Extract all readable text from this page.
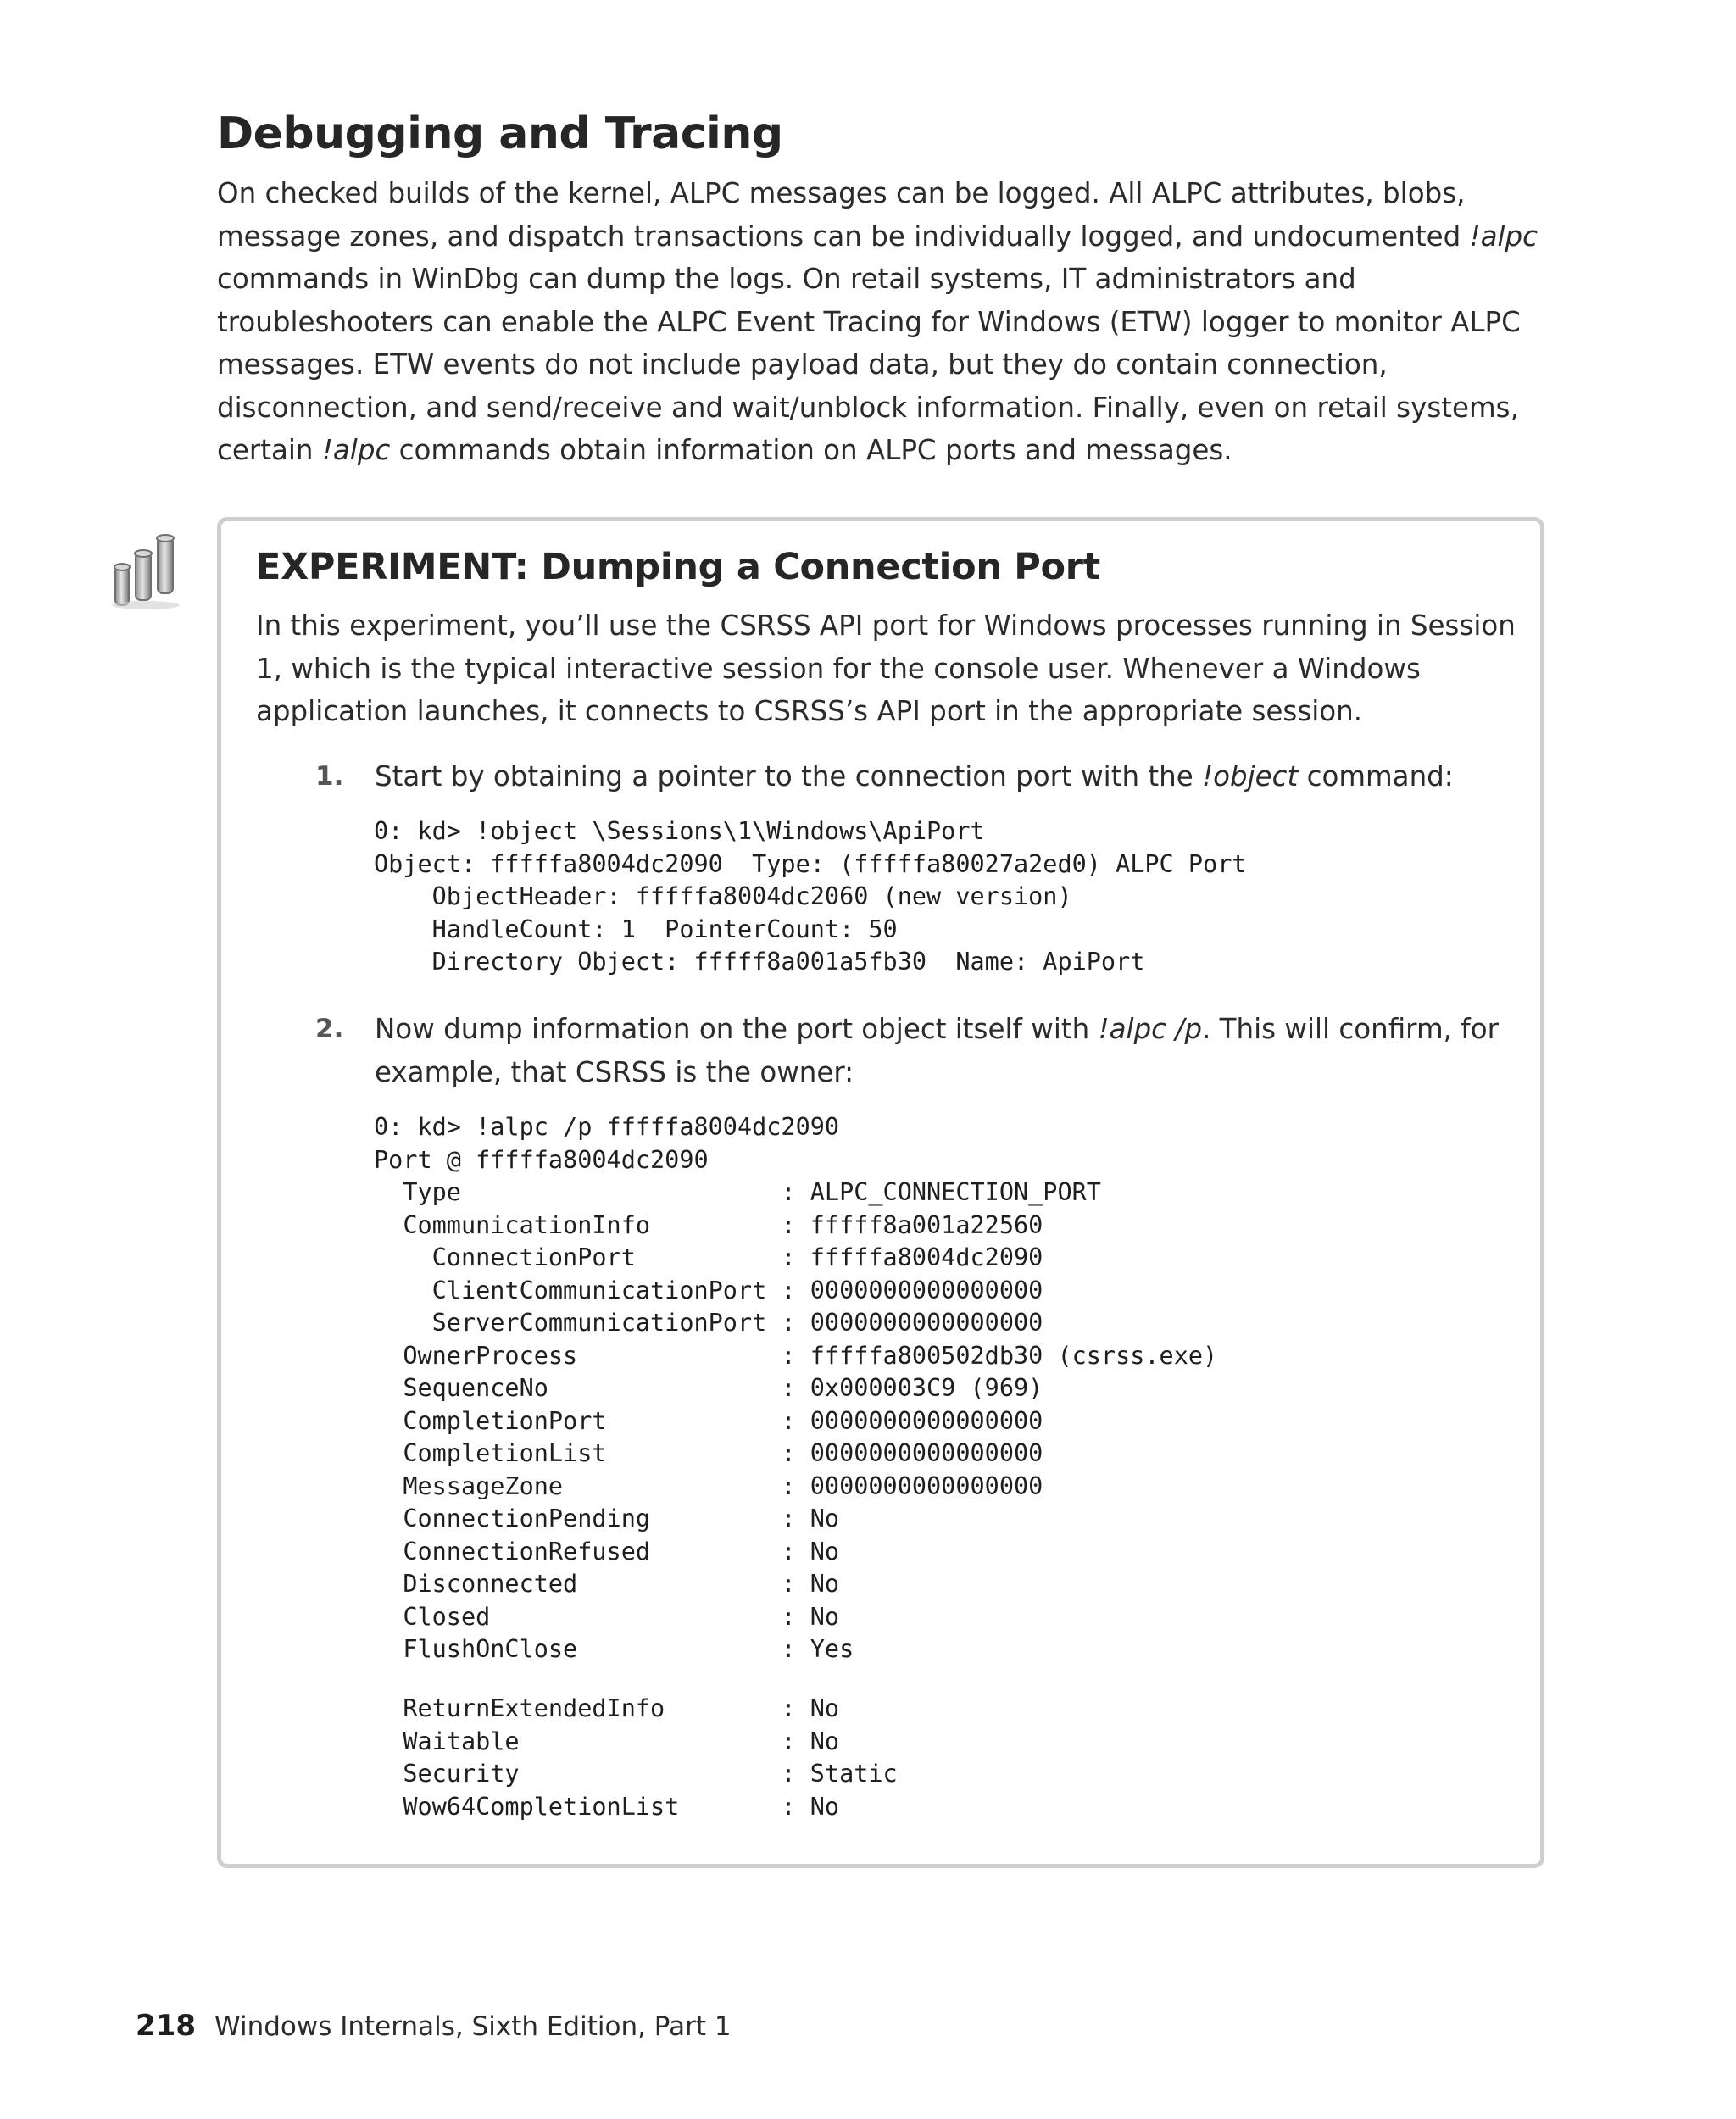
Debugging and Tracing

On checked builds of the kernel, ALPC messages can be logged. All ALPC attributes, blobs, message zones, and dispatch transactions can be individually logged, and undocumented !alpc commands in WinDbg can dump the logs. On retail systems, IT administrators and troubleshooters can enable the ALPC Event Tracing for Windows (ETW) logger to monitor ALPC messages. ETW events do not include payload data, but they do contain connection, disconnection, and send/receive and wait/unblock information. Finally, even on retail systems, certain !alpc commands obtain information on ALPC ports and messages.

EXPERIMENT: Dumping a Connection Port

In this experiment, you’ll use the CSRSS API port for Windows processes running in Session 1, which is the typical interactive session for the console user. Whenever a Windows application launches, it connects to CSRSS’s API port in the appropriate session.

1. Start by obtaining a pointer to the connection port with the !object command:

0: kd> !object \Sessions\1\Windows\ApiPort
Object: fffffa8004dc2090  Type: (fffffa80027a2ed0) ALPC Port
ObjectHeader: fffffa8004dc2060 (new version)
HandleCount: 1  PointerCount: 50
Directory Object: fffff8a001a5fb30  Name: ApiPort
2. Now dump information on the port object itself with !alpc /p. This will confirm, for example, that CSRSS is the owner:

0: kd> !alpc /p fffffa8004dc2090
Port @ fffffa8004dc2090
Type                      : ALPC_CONNECTION_PORT
CommunicationInfo         : fffff8a001a22560
ConnectionPort          : fffffa8004dc2090
ClientCommunicationPort : 0000000000000000
ServerCommunicationPort : 0000000000000000
OwnerProcess              : fffffa800502db30 (csrss.exe)
SequenceNo                : 0x000003C9 (969)
CompletionPort            : 0000000000000000
CompletionList            : 0000000000000000
MessageZone               : 0000000000000000
ConnectionPending         : No
ConnectionRefused         : No
Disconnected              : No
Closed                    : No
FlushOnClose              : Yes
ReturnExtendedInfo        : No
Waitable                  : No
Security                  : Static
Wow64CompletionList       : No
218 Windows Internals, Sixth Edition, Part 1
